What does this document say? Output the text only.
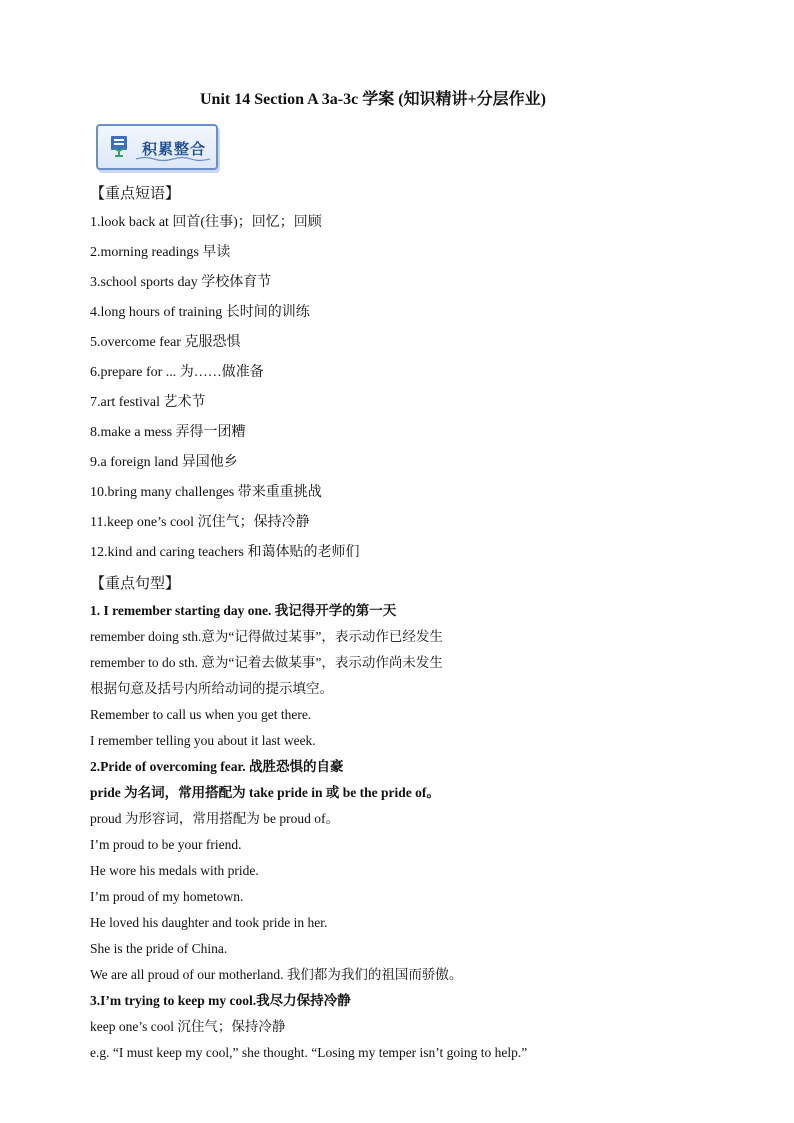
Unit 14 Section A 3a-3c 学案 (知识精讲+分层作业)
积累整合
【重点短语】
1.look back at 回首(往事)；回忆；回顾
2.morning readings 早读
3.school sports day 学校体育节
4.long hours of training 长时间的训练
5.overcome fear 克服恐惧
6.prepare for ... 为……做准备
7.art festival 艺术节
8.make a mess 弄得一团糟
9.a foreign land 异国他乡
10.bring many challenges 带来重重挑战
11.keep one’s cool 沉住气；保持冷静
12.kind and caring teachers 和蔼体贴的老师们
【重点句型】
1. I remember starting day one. 我记得开学的第一天
remember doing sth.意为“记得做过某事”，表示动作已经发生
remember to do sth. 意为“记着去做某事”，表示动作尚未发生
根据句意及括号内所给动词的提示填空。
Remember to call us when you get there.
I remember telling you about it last week.
2.Pride of overcoming fear. 战胜恐惧的自豪
pride 为名词，常用搭配为 take pride in 或 be the pride of。
proud 为形容词，常用搭配为 be proud of。
I’m proud to be your friend.
He wore his medals with pride.
I’m proud of my hometown.
He loved his daughter and took pride in her.
She is the pride of China.
We are all proud of our motherland. 我们都为我们的祖国而骄傲。
3.I’m trying to keep my cool.我尽力保持冷静
keep one’s cool 沉住气；保持冷静
e.g. “I must keep my cool,” she thought. “Losing my temper isn’t going to help.”
